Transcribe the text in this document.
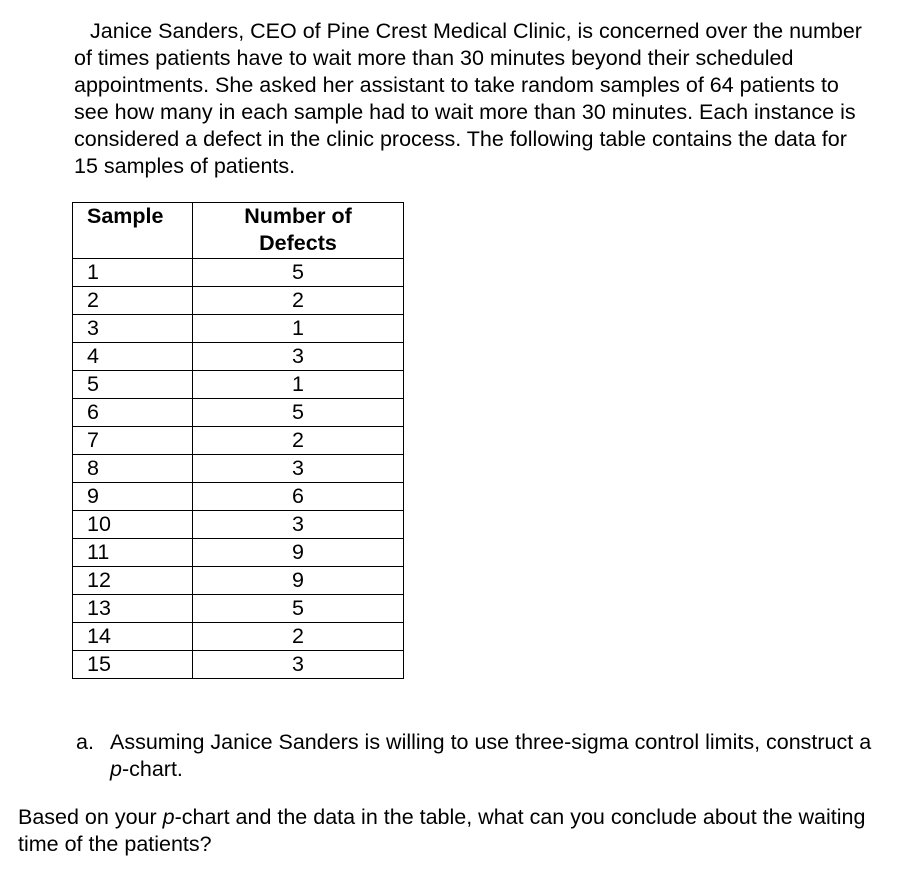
Janice Sanders, CEO of Pine Crest Medical Clinic, is concerned over the number of times patients have to wait more than 30 minutes beyond their scheduled appointments. She asked her assistant to take random samples of 64 patients to see how many in each sample had to wait more than 30 minutes. Each instance is considered a defect in the clinic process. The following table contains the data for 15 samples of patients.

Sample	Number of
Defects
1	5
2	2
3	1
4	3
5	1
6	5
7	2
8	3
9	6
10	3
11	9
12	9
13	5
14	2
15	3
a. Assuming Janice Sanders is willing to use three-sigma control limits, construct a p-chart.

Based on your p-chart and the data in the table, what can you conclude about the waiting time of the patients?
